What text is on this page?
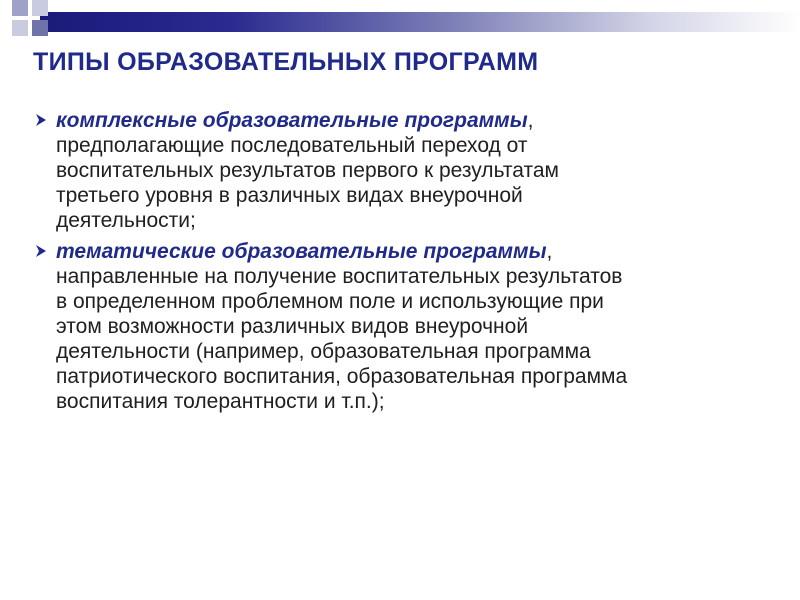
ТИПЫ ОБРАЗОВАТЕЛЬНЫХ ПРОГРАММ

комплексные образовательные программы,
предполагающие последовательный переход от
воспитательных результатов первого к результатам
третьего уровня в различных видах внеурочной
деятельности;

тематические образовательные программы,
направленные на получение воспитательных результатов
в определенном проблемном поле и использующие при
этом возможности различных видов внеурочной
деятельности (например, образовательная программа
патриотического воспитания, образовательная программа
воспитания толерантности и т.п.);
